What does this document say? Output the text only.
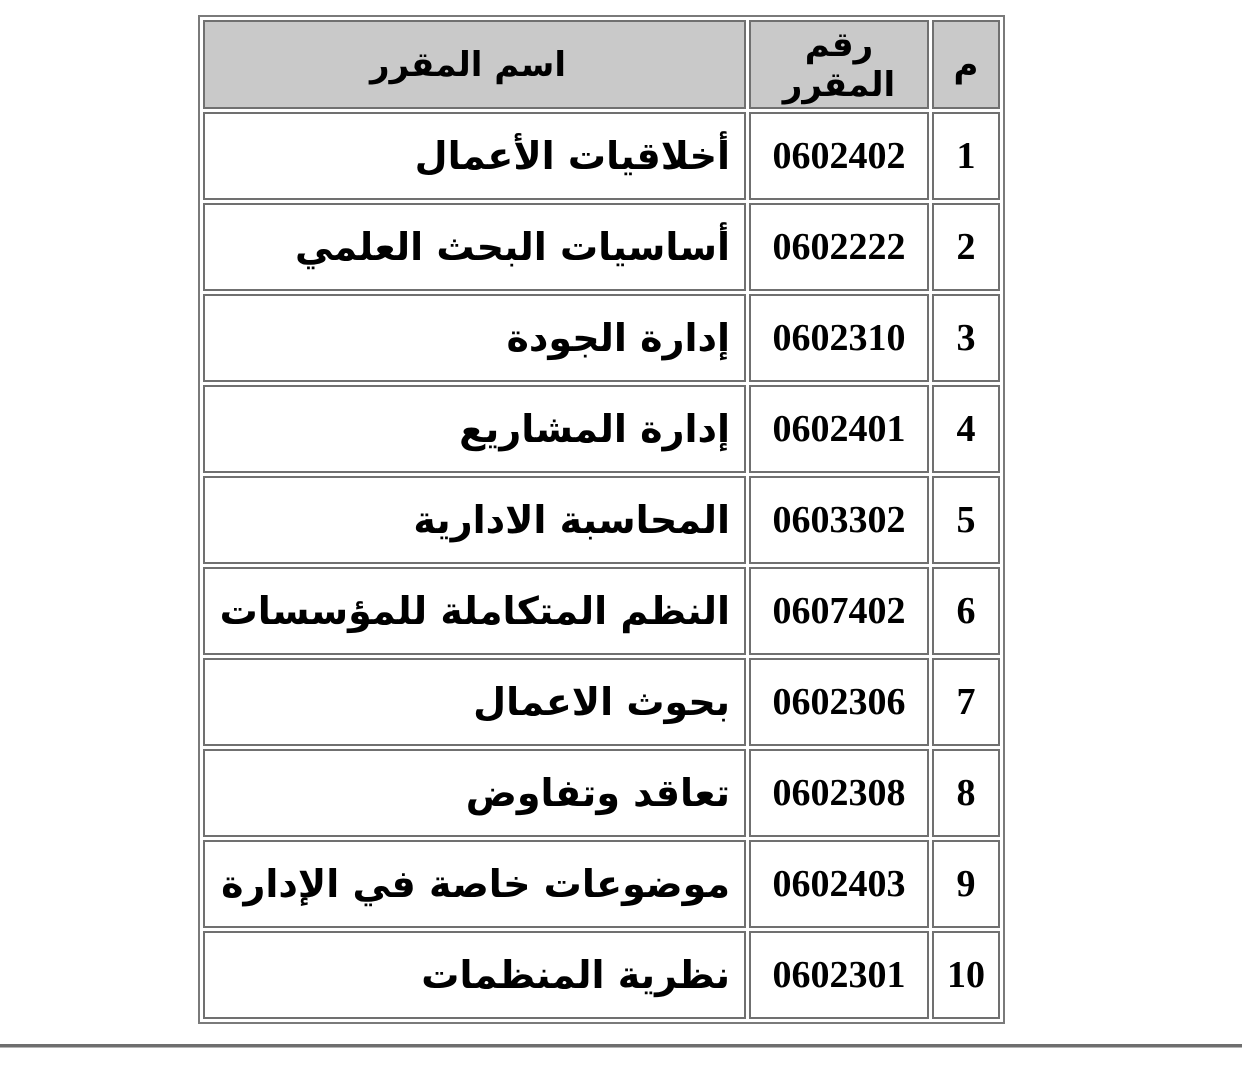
م	رقم المقرر	اسم المقرر
1	0602402	أخلاقيات الأعمال
2	0602222	أساسيات البحث العلمي
3	0602310	إدارة الجودة
4	0602401	إدارة المشاريع
5	0603302	المحاسبة الادارية
6	0607402	النظم المتكاملة للمؤسسات
7	0602306	بحوث الاعمال
8	0602308	تعاقد وتفاوض
9	0602403	موضوعات خاصة في الإدارة
10	0602301	نظرية المنظمات
